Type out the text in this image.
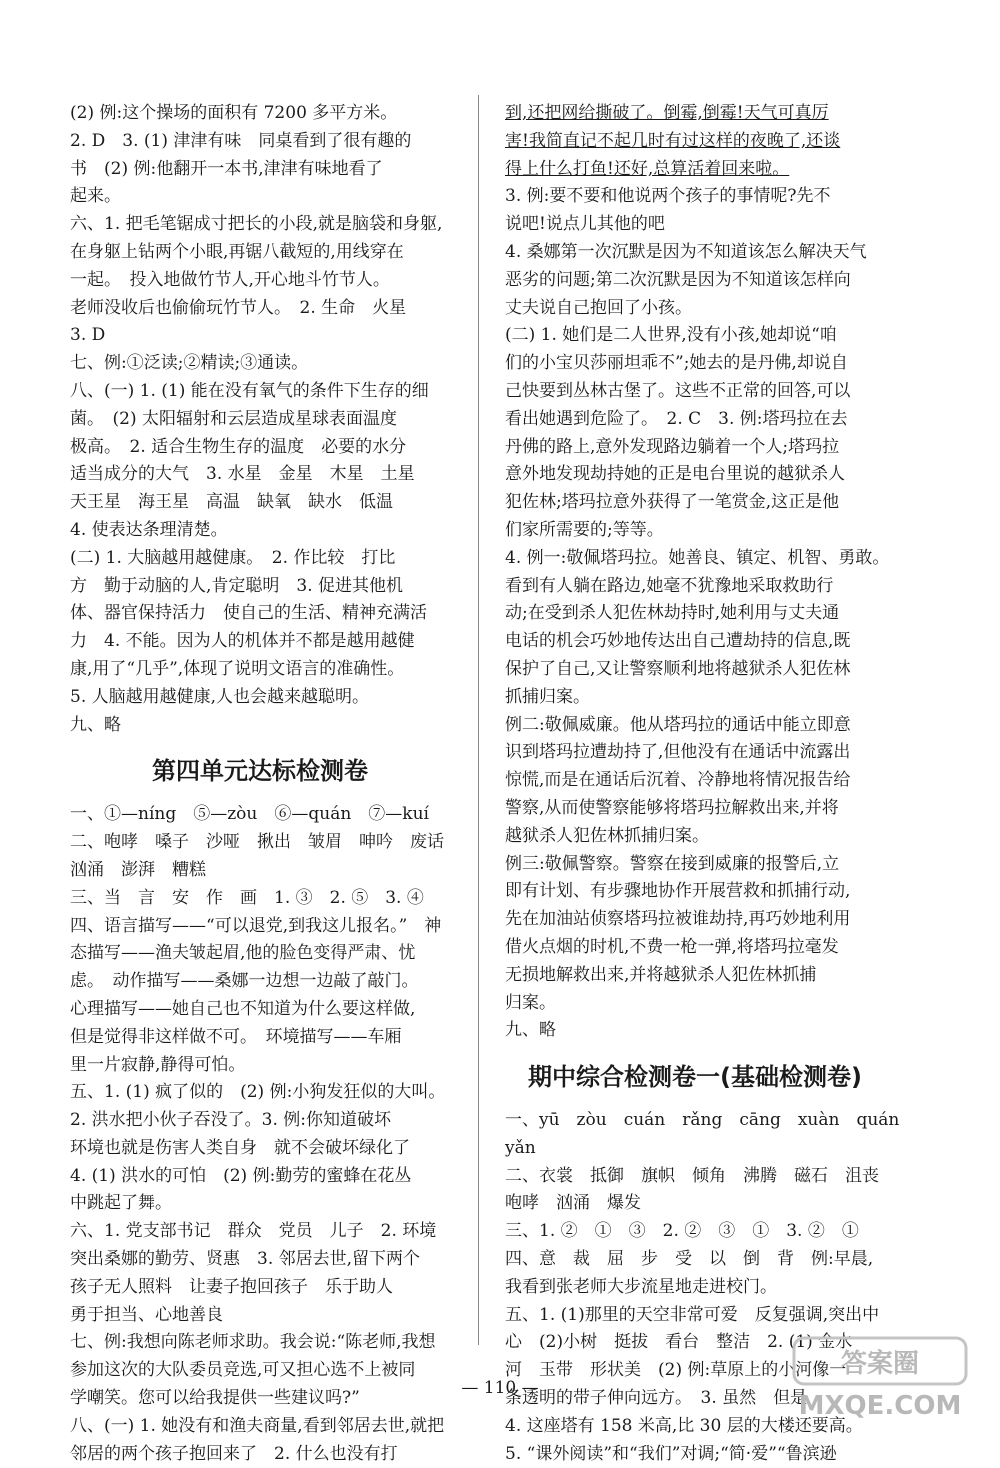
(2) 例:这个操场的面积有 7200 多平方米。
2. D　3. (1) 津津有味　同桌看到了很有趣的
书　(2) 例:他翻开一本书,津津有味地看了
起来。
六、1. 把毛笔锯成寸把长的小段,就是脑袋和身躯,
在身躯上钻两个小眼,再锯八截短的,用线穿在
一起。　投入地做竹节人,开心地斗竹节人。
老师没收后也偷偷玩竹节人。　2. 生命　火星
3. D
七、例:①泛读;②精读;③通读。
八、(一) 1. (1) 能在没有氧气的条件下生存的细
菌。　(2) 太阳辐射和云层造成星球表面温度
极高。　2. 适合生物生存的温度　必要的水分
适当成分的大气　3. 水星　金星　木星　土星
天王星　海王星　高温　缺氧　缺水　低温
4. 使表达条理清楚。
(二) 1. 大脑越用越健康。　2. 作比较　打比
方　勤于动脑的人,肯定聪明　3. 促进其他机
体、器官保持活力　使自己的生活、精神充满活
力　4. 不能。因为人的机体并不都是越用越健
康,用了“几乎”,体现了说明文语言的准确性。
5. 人脑越用越健康,人也会越来越聪明。
九、略
第四单元达标检测卷
一、①—níng　⑤—zòu　⑥—quán　⑦—kuí
二、咆哮　嗓子　沙哑　揪出　皱眉　呻吟　废话
汹涌　澎湃　糟糕
三、当　言　安　作　画　1. ③　2. ⑤　3. ④
四、语言描写——“可以退党,到我这儿报名。”　神
态描写——渔夫皱起眉,他的脸色变得严肃、忧
虑。　动作描写——桑娜一边想一边敲了敲门。
心理描写——她自己也不知道为什么要这样做,
但是觉得非这样做不可。　环境描写——车厢
里一片寂静,静得可怕。
五、1. (1) 疯了似的　(2) 例:小狗发狂似的大叫。
2. 洪水把小伙子吞没了。3. 例:你知道破坏
环境也就是伤害人类自身　就不会破坏绿化了
4. (1) 洪水的可怕　(2) 例:勤劳的蜜蜂在花丛
中跳起了舞。
六、1. 党支部书记　群众　党员　儿子　2. 环境
突出桑娜的勤劳、贤惠　3. 邻居去世,留下两个
孩子无人照料　让妻子抱回孩子　乐于助人
勇于担当、心地善良
七、例:我想向陈老师求助。我会说:“陈老师,我想
参加这次的大队委员竞选,可又担心选不上被同
学嘲笑。您可以给我提供一些建议吗?”
八、(一) 1. 她没有和渔夫商量,看到邻居去世,就把
邻居的两个孩子抱回来了　2. 什么也没有打
到,还把网给撕破了。倒霉,倒霉!天气可真厉
害!我简直记不起几时有过这样的夜晚了,还谈
得上什么打鱼!还好,总算活着回来啦。
3. 例:要不要和他说两个孩子的事情呢?先不
说吧!说点儿其他的吧
4. 桑娜第一次沉默是因为不知道该怎么解决天气
恶劣的问题;第二次沉默是因为不知道该怎样向
丈夫说自己抱回了小孩。
(二) 1. 她们是二人世界,没有小孩,她却说“咱
们的小宝贝莎丽坦乖不”;她去的是丹佛,却说自
己快要到丛林古堡了。这些不正常的回答,可以
看出她遇到危险了。　2. C　3. 例:塔玛拉在去
丹佛的路上,意外发现路边躺着一个人;塔玛拉
意外地发现劫持她的正是电台里说的越狱杀人
犯佐林;塔玛拉意外获得了一笔赏金,这正是他
们家所需要的;等等。
4. 例一:敬佩塔玛拉。她善良、镇定、机智、勇敢。
看到有人躺在路边,她毫不犹豫地采取救助行
动;在受到杀人犯佐林劫持时,她利用与丈夫通
电话的机会巧妙地传达出自己遭劫持的信息,既
保护了自己,又让警察顺利地将越狱杀人犯佐林
抓捕归案。
例二:敬佩威廉。他从塔玛拉的通话中能立即意
识到塔玛拉遭劫持了,但他没有在通话中流露出
惊慌,而是在通话后沉着、冷静地将情况报告给
警察,从而使警察能够将塔玛拉解救出来,并将
越狱杀人犯佐林抓捕归案。
例三:敬佩警察。警察在接到威廉的报警后,立
即有计划、有步骤地协作开展营救和抓捕行动,
先在加油站侦察塔玛拉被谁劫持,再巧妙地利用
借火点烟的时机,不费一枪一弹,将塔玛拉毫发
无损地解救出来,并将越狱杀人犯佐林抓捕
归案。
九、略
期中综合检测卷一(基础检测卷)
一、yū　zòu　cuán　rǎng　cāng　xuàn　quán
yǎn
二、衣裳　抵御　旗帜　倾角　沸腾　磁石　沮丧
咆哮　汹涌　爆发
三、1. ②　①　③　2. ②　③　①　3. ②　①
四、意　裁　屈　步　受　以　倒　背　例:早晨,
我看到张老师大步流星地走进校门。
五、1. (1)那里的天空非常可爱　反复强调,突出中
心　(2)小树　挺拔　看台　整洁　2. (1) 金水
河　玉带　形状美　(2) 例:草原上的小河像一
条透明的带子伸向远方。　3. 虽然　但是
4. 这座塔有 158 米高,比 30 层的大楼还要高。
5. “课外阅读”和“我们”对调;“简·爱”“鲁滨逊
— 110 —
答案圈
MXQE.COM
